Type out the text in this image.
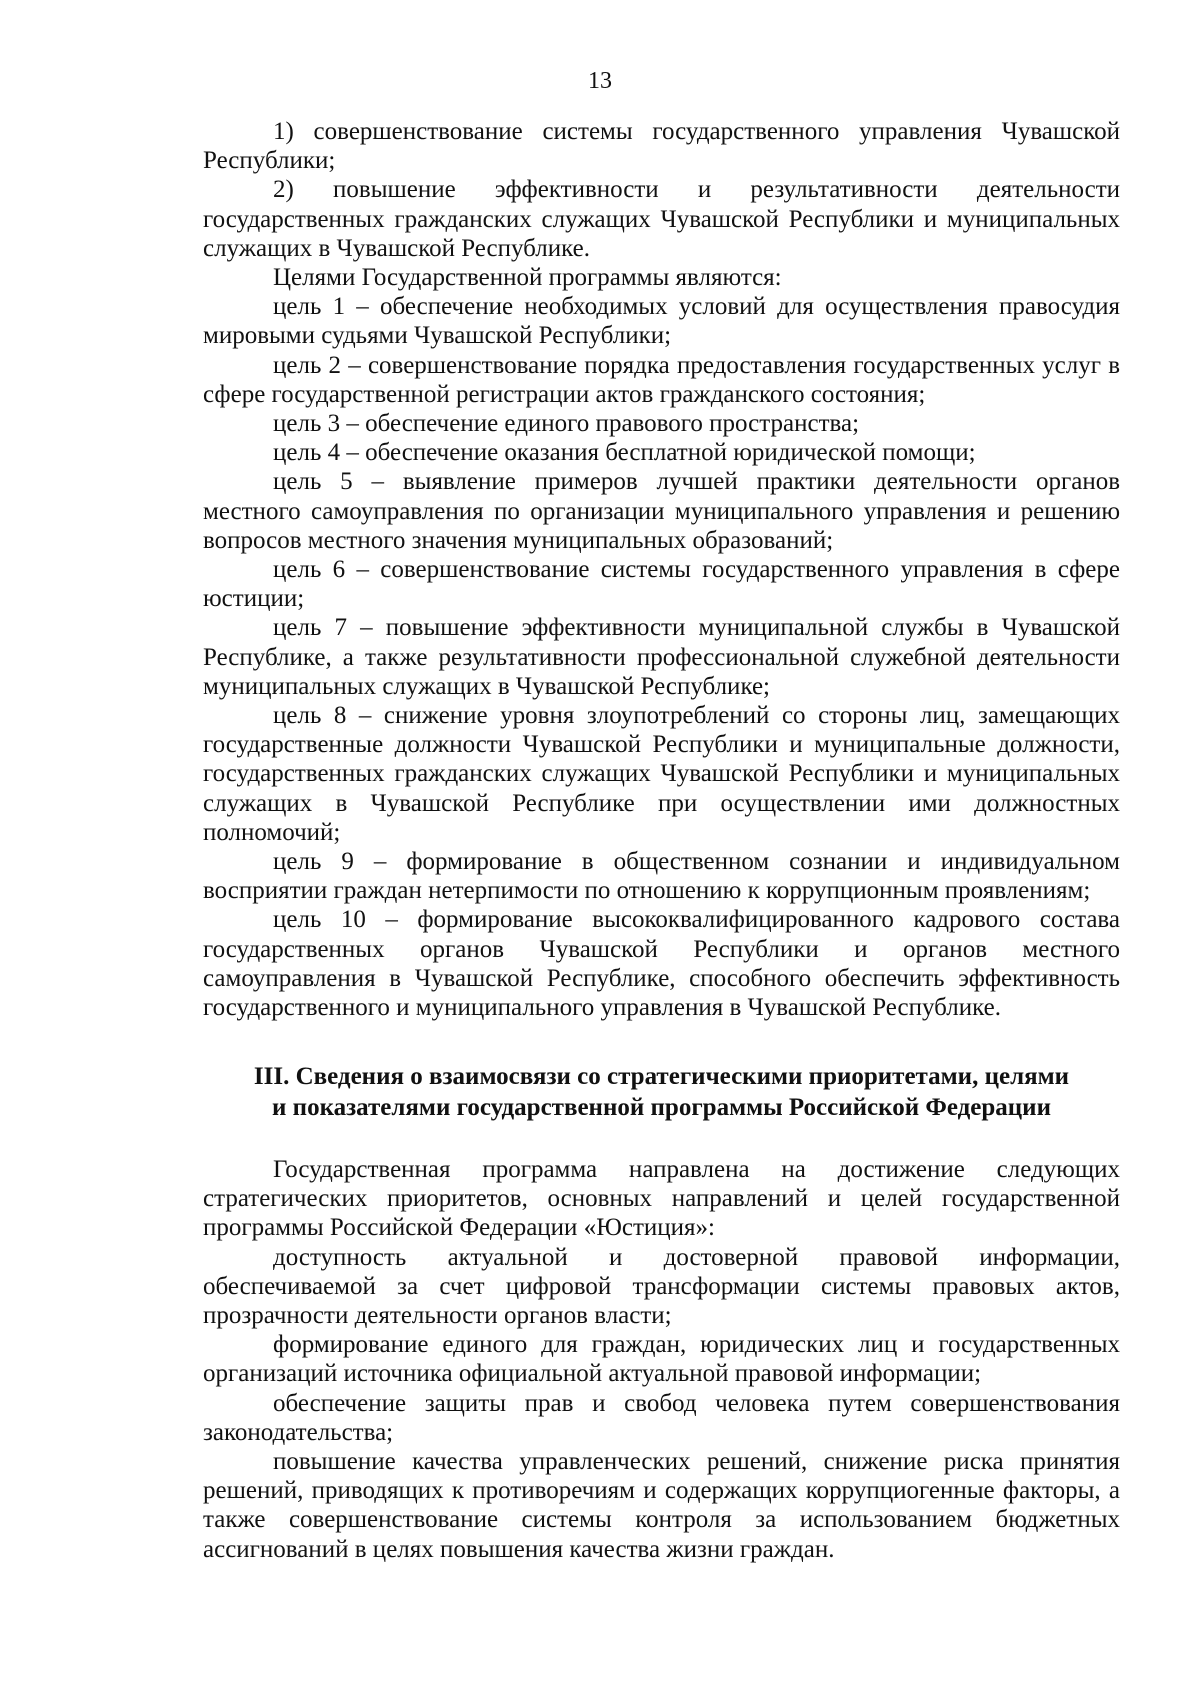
13

1) совершенствование системы государственного управления Чувашской Республики;

2) повышение эффективности и результативности деятельности государственных гражданских служащих Чувашской Республики и муниципальных служащих в Чувашской Республике.

Целями Государственной программы являются:

цель 1 – обеспечение необходимых условий для осуществления правосудия мировыми судьями Чувашской Республики;

цель 2 – совершенствование порядка предоставления государственных услуг в сфере государственной регистрации актов гражданского состояния;

цель 3 – обеспечение единого правового пространства;

цель 4 – обеспечение оказания бесплатной юридической помощи;

цель 5 – выявление примеров лучшей практики деятельности органов местного самоуправления по организации муниципального управления и решению вопросов местного значения муниципальных образований;

цель 6 – совершенствование системы государственного управления в сфере юстиции;

цель 7 – повышение эффективности муниципальной службы в Чувашской Республике, а также результативности профессиональной служебной деятельности муниципальных служащих в Чувашской Республике;

цель 8 – снижение уровня злоупотреблений со стороны лиц, замещающих государственные должности Чувашской Республики и муниципальные должности, государственных гражданских служащих Чувашской Республики и муниципальных служащих в Чувашской Республике при осуществлении ими должностных полномочий;

цель 9 – формирование в общественном сознании и индивидуальном восприятии граждан нетерпимости по отношению к коррупционным проявлениям;

цель 10 – формирование высококвалифицированного кадрового состава государственных органов Чувашской Республики и органов местного самоуправления в Чувашской Республике, способного обеспечить эффективность государственного и муниципального управления в Чувашской Республике.

III. Сведения о взаимосвязи со стратегическими приоритетами, целями
и показателями государственной программы Российской Федерации

Государственная программа направлена на достижение следующих стратегических приоритетов, основных направлений и целей государственной программы Российской Федерации «Юстиция»:

доступность актуальной и достоверной правовой информации, обеспечиваемой за счет цифровой трансформации системы правовых актов, прозрачности деятельности органов власти;

формирование единого для граждан, юридических лиц и государственных организаций источника официальной актуальной правовой информации;

обеспечение защиты прав и свобод человека путем совершенствования законодательства;

повышение качества управленческих решений, снижение риска принятия решений, приводящих к противоречиям и содержащих коррупциогенные факторы, а также совершенствование системы контроля за использованием бюджетных ассигнований в целях повышения качества жизни граждан.
